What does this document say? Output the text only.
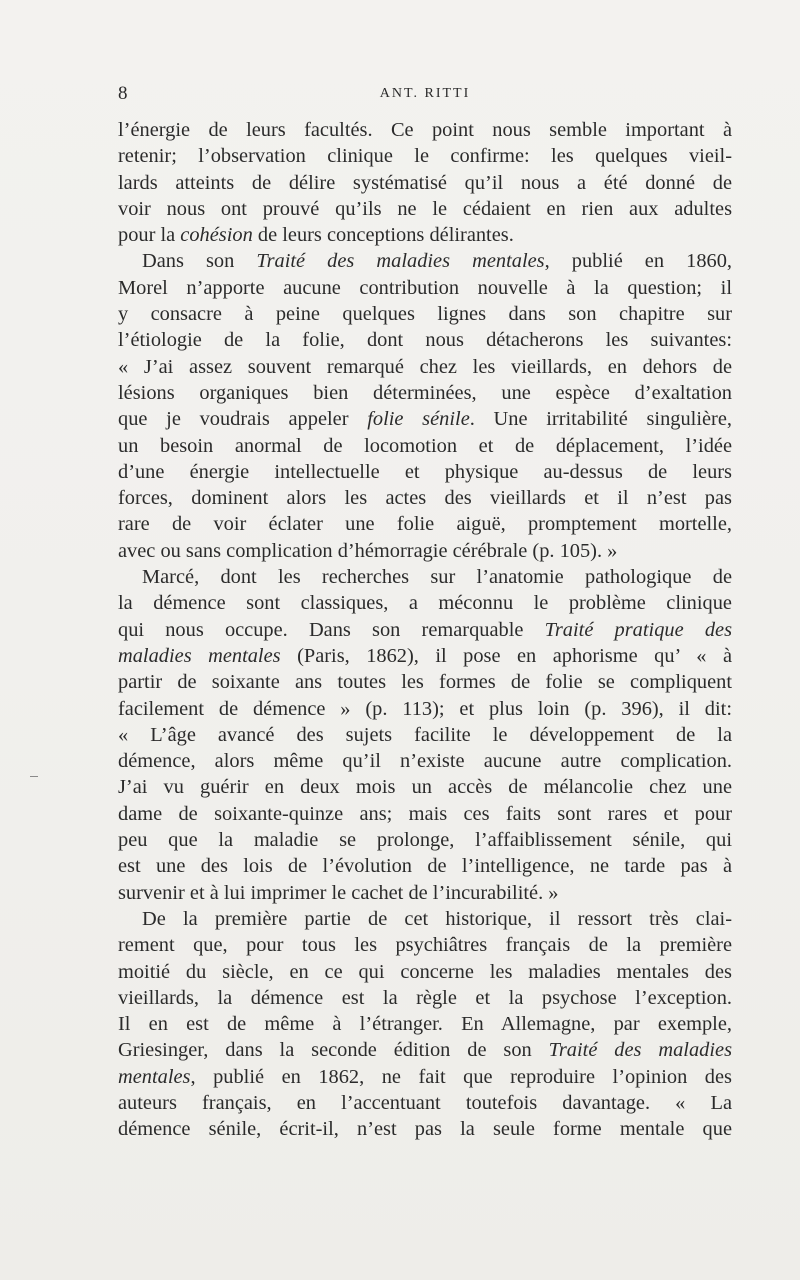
8	ANT. RITTI
l’énergie de leurs facultés. Ce point nous semble important à
retenir; l’observation clinique le confirme: les quelques vieil-
lards atteints de délire systématisé qu’il nous a été donné de
voir nous ont prouvé qu’ils ne le cédaient en rien aux adultes
pour la cohésion de leurs conceptions délirantes.
Dans son Traité des maladies mentales, publié en 1860,
Morel n’apporte aucune contribution nouvelle à la question; il
y consacre à peine quelques lignes dans son chapitre sur
l’étiologie de la folie, dont nous détacherons les suivantes:
« J’ai assez souvent remarqué chez les vieillards, en dehors de
lésions organiques bien déterminées, une espèce d’exaltation
que je voudrais appeler folie sénile. Une irritabilité singulière,
un besoin anormal de locomotion et de déplacement, l’idée
d’une énergie intellectuelle et physique au-dessus de leurs
forces, dominent alors les actes des vieillards et il n’est pas
rare de voir éclater une folie aiguë, promptement mortelle,
avec ou sans complication d’hémorragie cérébrale (p. 105). »
Marcé, dont les recherches sur l’anatomie pathologique de
la démence sont classiques, a méconnu le problème clinique
qui nous occupe. Dans son remarquable Traité pratique des
maladies mentales (Paris, 1862), il pose en aphorisme qu’ « à
partir de soixante ans toutes les formes de folie se compliquent
facilement de démence » (p. 113); et plus loin (p. 396), il dit:
« L’âge avancé des sujets facilite le développement de la
démence, alors même qu’il n’existe aucune autre complication.
J’ai vu guérir en deux mois un accès de mélancolie chez une
dame de soixante-quinze ans; mais ces faits sont rares et pour
peu que la maladie se prolonge, l’affaiblissement sénile, qui
est une des lois de l’évolution de l’intelligence, ne tarde pas à
survenir et à lui imprimer le cachet de l’incurabilité. »
De la première partie de cet historique, il ressort très clai-
rement que, pour tous les psychiâtres français de la première
moitié du siècle, en ce qui concerne les maladies mentales des
vieillards, la démence est la règle et la psychose l’exception.
Il en est de même à l’étranger. En Allemagne, par exemple,
Griesinger, dans la seconde édition de son Traité des maladies
mentales, publié en 1862, ne fait que reproduire l’opinion des
auteurs français, en l’accentuant toutefois davantage. « La
démence sénile, écrit-il, n’est pas la seule forme mentale que
